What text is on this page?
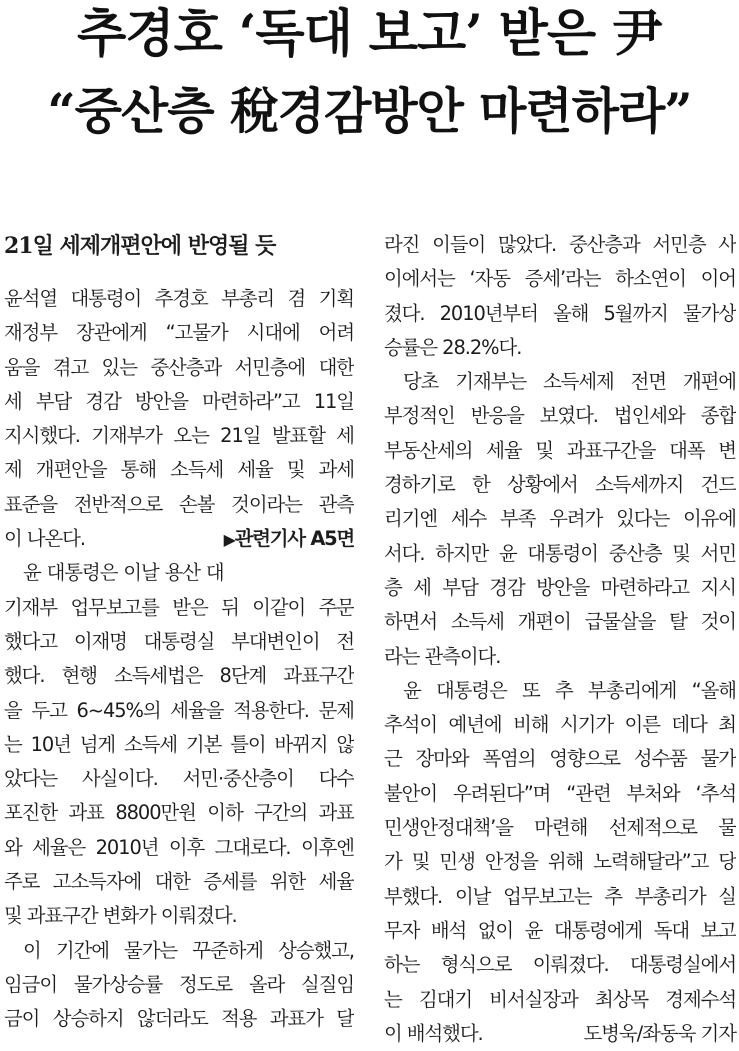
추경호 ‘독대 보고’ 받은 尹
“중산층 稅경감방안 마련하라”
21일 세제개편안에 반영될 듯
윤석열 대통령이 추경호 부총리 겸 기획
재정부 장관에게 “고물가 시대에 어려
움을 겪고 있는 중산층과 서민층에 대한
세 부담 경감 방안을 마련하라”고 11일
지시했다. 기재부가 오는 21일 발표할 세
제 개편안을 통해 소득세 세율 및 과세
표준을 전반적으로 손볼 것이라는 관측
이 나온다.	▶관련기사 A5면
윤 대통령은 이날 용산 대
기재부 업무보고를 받은 뒤 이같이 주문
했다고 이재명 대통령실 부대변인이 전
했다. 현행 소득세법은 8단계 과표구간
을 두고 6~45%의 세율을 적용한다. 문제
는 10년 넘게 소득세 기본 틀이 바뀌지 않
았다는 사실이다. 서민·중산층이 다수
포진한 과표 8800만원 이하 구간의 과표
와 세율은 2010년 이후 그대로다. 이후엔
주로 고소득자에 대한 증세를 위한 세율
및 과표구간 변화가 이뤄졌다.
이 기간에 물가는 꾸준하게 상승했고,
임금이 물가상승률 정도로 올라 실질임
금이 상승하지 않더라도 적용 과표가 달
라진 이들이 많았다. 중산층과 서민층 사
이에서는 ‘자동 증세’라는 하소연이 이어
졌다. 2010년부터 올해 5월까지 물가상
승률은 28.2%다.
당초 기재부는 소득세제 전면 개편에
부정적인 반응을 보였다. 법인세와 종합
부동산세의 세율 및 과표구간을 대폭 변
경하기로 한 상황에서 소득세까지 건드
리기엔 세수 부족 우려가 있다는 이유에
서다. 하지만 윤 대통령이 중산층 및 서민
층 세 부담 경감 방안을 마련하라고 지시
하면서 소득세 개편이 급물살을 탈 것이
라는 관측이다.
윤 대통령은 또 추 부총리에게 “올해
추석이 예년에 비해 시기가 이른 데다 최
근 장마와 폭염의 영향으로 성수품 물가
불안이 우려된다”며 “관련 부처와 ‘추석
민생안정대책’을 마련해 선제적으로 물
가 및 민생 안정을 위해 노력해달라”고 당
부했다. 이날 업무보고는 추 부총리가 실
무자 배석 없이 윤 대통령에게 독대 보고
하는 형식으로 이뤄졌다. 대통령실에서
는 김대기 비서실장과 최상목 경제수석
이 배석했다.	도병욱/좌동욱 기자
